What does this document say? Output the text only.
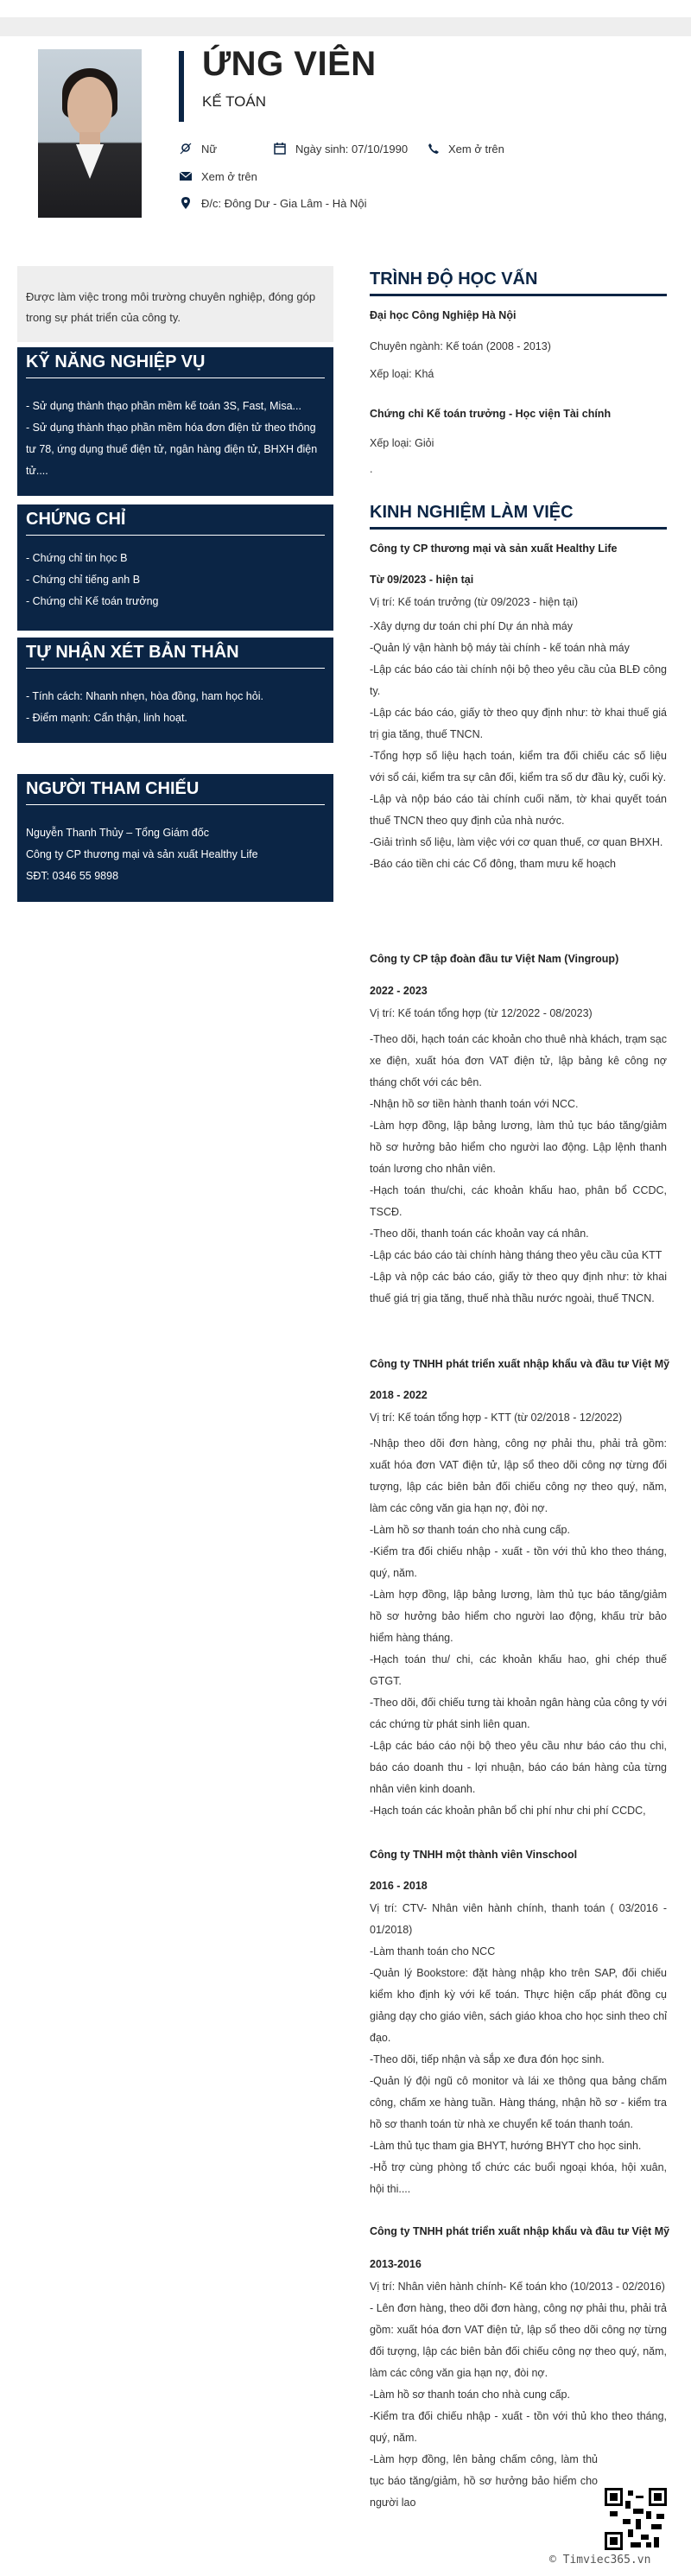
ỨNG VIÊN
KẾ TOÁN
Nữ	Ngày sinh: 07/10/1990	Xem ở trên
Xem ở trên
Đ/c: Đông Dư - Gia Lâm - Hà Nội

Được làm việc trong môi trường chuyên nghiệp, đóng góp trong sự phát triển của công ty.

KỸ NĂNG NGHIỆP VỤ
- Sử dụng thành thạo phần mềm kế toán 3S, Fast, Misa...
- Sử dụng thành thạo phần mềm hóa đơn điện tử theo thông
tư 78, ứng dụng thuế điện tử, ngân hàng điện tử, BHXH điện
tử....
CHỨNG CHỈ
- Chứng chỉ tin học B
- Chứng chỉ tiếng anh B
- Chứng chỉ Kế toán trưởng
TỰ NHẬN XÉT BẢN THÂN
- Tính cách: Nhanh nhẹn, hòa đồng, ham học hỏi.
- Điểm mạnh: Cẩn thận, linh hoạt.
NGƯỜI THAM CHIẾU
Nguyễn Thanh Thủy – Tổng Giám đốc
Công ty CP thương mại và sản xuất Healthy Life
SĐT: 0346 55 9898
TRÌNH ĐỘ HỌC VẤN
Đại học Công Nghiệp Hà Nội
Chuyên ngành: Kế toán (2008 - 2013)
Xếp loại: Khá
Chứng chỉ Kế toán trưởng - Học viện Tài chính
Xếp loại: Giỏi
.
KINH NGHIỆM LÀM VIỆC
Công ty CP thương mại và sản xuất Healthy Life
Từ 09/2023 - hiện tại
Vị trí: Kế toán trưởng (từ 09/2023 - hiện tại)
-Xây dựng dư toán chi phí Dự án nhà máy
-Quản lý vận hành bộ máy tài chính - kế toán nhà máy
-Lập các báo cáo tài chính nội bộ theo yêu cầu của BLĐ công ty.
-Lập các báo cáo, giấy tờ theo quy định như: tờ khai thuế giá trị gia tăng, thuế TNCN.
-Tổng hợp số liệu hạch toán, kiểm tra đối chiếu các số liệu với sổ cái, kiểm tra sự cân đối, kiểm tra số dư đầu kỳ, cuối kỳ.
-Lập và nộp báo cáo tài chính cuối năm, tờ khai quyết toán thuế TNCN theo quy định của nhà nước.
-Giải trình số liệu, làm việc với cơ quan thuế, cơ quan BHXH.
-Báo cáo tiền chi các Cổ đông, tham mưu kế hoạch
Công ty CP tập đoàn đầu tư Việt Nam (Vingroup)
2022 - 2023
Vị trí: Kế toán tổng hợp (từ 12/2022 - 08/2023)
-Theo dõi, hạch toán các khoản cho thuê nhà khách, trạm sạc xe điện, xuất hóa đơn VAT điện tử, lập bảng kê công nợ tháng chốt với các bên.
-Nhận hồ sơ tiền hành thanh toán với NCC.
-Làm hợp đồng, lập bảng lương, làm thủ tục báo tăng/giảm hồ sơ hưởng bảo hiểm cho người lao động. Lập lệnh thanh toán lương cho nhân viên.
-Hạch toán thu/chi, các khoản khấu hao, phân bổ CCDC, TSCĐ.
-Theo dõi, thanh toán các khoản vay cá nhân.
-Lập các báo cáo tài chính hàng tháng theo yêu cầu của KTT
-Lập và nộp các báo cáo, giấy tờ theo quy định như: tờ khai thuế giá trị gia tăng, thuế nhà thầu nước ngoài, thuế TNCN.
Công ty TNHH phát triển xuất nhập khẩu và đầu tư Việt Mỹ
2018 - 2022
Vị trí: Kế toán tổng hợp - KTT (từ 02/2018 - 12/2022)
-Nhập theo dõi đơn hàng, công nợ phải thu, phải trả gồm: xuất hóa đơn VAT điện tử, lập sổ theo dõi công nợ từng đối tượng, lập các biên bản đối chiếu công nợ theo quý, năm, làm các công văn gia hạn nợ, đòi nợ.
-Làm hồ sơ thanh toán cho nhà cung cấp.
-Kiểm tra đối chiếu nhập - xuất - tồn với thủ kho theo tháng, quý, năm.
-Làm hợp đồng, lập bảng lương, làm thủ tục báo tăng/giảm hồ sơ hưởng bảo hiểm cho người lao động, khấu trừ bảo hiểm hàng tháng.
-Hạch toán thu/ chi, các khoản khấu hao, ghi chép thuế GTGT.
-Theo dõi, đối chiếu tưng tài khoản ngân hàng của công ty với các chứng từ phát sinh liên quan.
-Lập các báo cáo nội bộ theo yêu cầu như báo cáo thu chi, báo cáo doanh thu - lợi nhuận, báo cáo bán hàng của từng nhân viên kinh doanh.
-Hạch toán các khoản phân bổ chi phí như chi phí CCDC,
Công ty TNHH một thành viên Vinschool
2016 - 2018
Vị trí: CTV- Nhân viên hành chính, thanh toán ( 03/2016 - 01/2018)
-Làm thanh toán cho NCC
-Quản lý Bookstore: đặt hàng nhập kho trên SAP, đối chiếu kiểm kho định kỳ với kế toán. Thực hiện cấp phát đồng cụ giảng dạy cho giáo viên, sách giáo khoa cho học sinh theo chỉ đạo.
-Theo dõi, tiếp nhận và sắp xe đưa đón học sinh.
-Quản lý đội ngũ cô monitor và lái xe thông qua bảng chấm công, chấm xe hàng tuần. Hàng tháng, nhận hồ sơ - kiểm tra hồ sơ thanh toán từ nhà xe chuyển kế toán thanh toán.
-Làm thủ tục tham gia BHYT, hướng BHYT cho học sinh.
-Hỗ trợ cùng phòng tổ chức các buổi ngoại khóa, hội xuân, hội thi....
Công ty TNHH phát triển xuất nhập khẩu và đầu tư Việt Mỹ
2013-2016
Vị trí: Nhân viên hành chính- Kế toán kho (10/2013 - 02/2016)
- Lên đơn hàng, theo dõi đơn hàng, công nợ phải thu, phải trả gồm: xuất hóa đơn VAT điện tử, lập sổ theo dõi công nợ từng đối tượng, lập các biên bản đối chiếu công nợ theo quý, năm, làm các công văn gia hạn nợ, đòi nợ.
-Làm hồ sơ thanh toán cho nhà cung cấp.
-Kiểm tra đối chiếu nhập - xuất - tồn với thủ kho theo tháng, quý, năm.
-Làm hợp đồng, lên bảng chấm công, làm thủ tục báo tăng/giảm, hồ sơ hưởng bảo hiểm cho người lao
© Timviec365.vn
